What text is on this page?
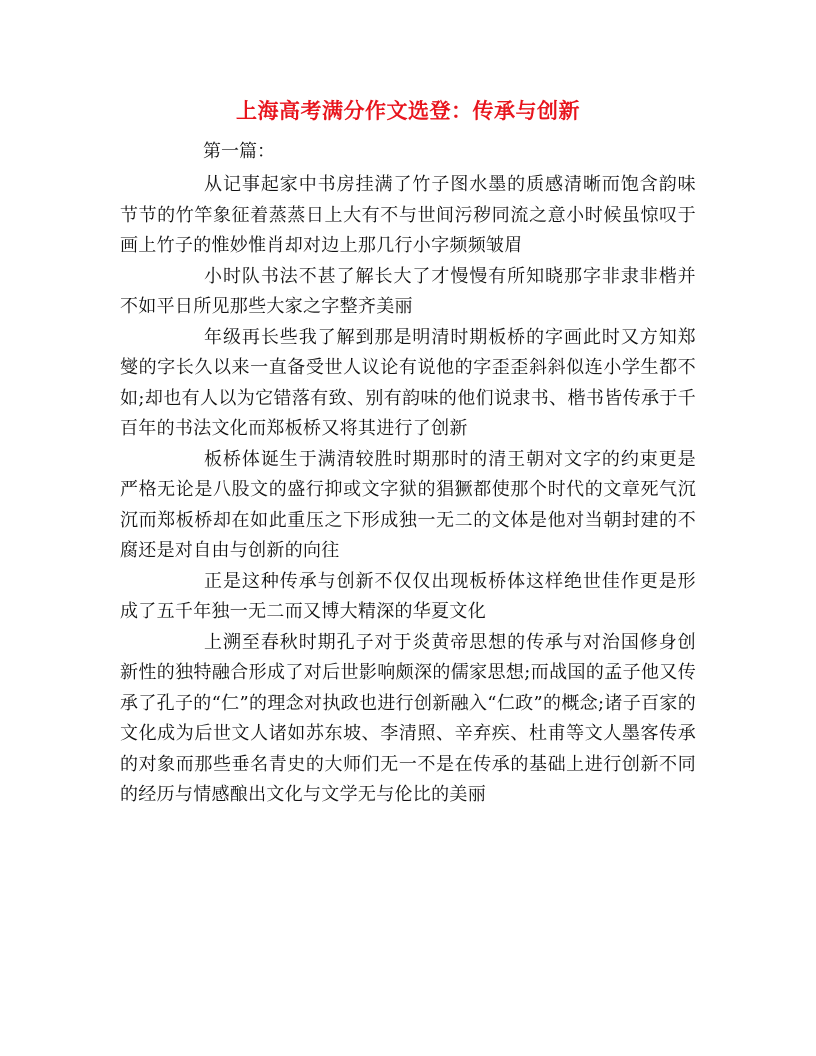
上海高考满分作文选登：传承与创新
第一篇：

从记事起家中书房挂满了竹子图水墨的质感清晰而饱含韵味节节的竹竿象征着蒸蒸日上大有不与世间污秽同流之意小时候虽惊叹于画上竹子的惟妙惟肖却对边上那几行小字频频皱眉

小时队书法不甚了解长大了才慢慢有所知晓那字非隶非楷并不如平日所见那些大家之字整齐美丽

年级再长些我了解到那是明清时期板桥的字画此时又方知郑燮的字长久以来一直备受世人议论有说他的字歪歪斜斜似连小学生都不如;却也有人以为它错落有致、别有韵味的他们说隶书、楷书皆传承于千百年的书法文化而郑板桥又将其进行了创新

板桥体诞生于满清较胜时期那时的清王朝对文字的约束更是严格无论是八股文的盛行抑或文字狱的猖獗都使那个时代的文章死气沉沉而郑板桥却在如此重压之下形成独一无二的文体是他对当朝封建的不腐还是对自由与创新的向往

正是这种传承与创新不仅仅出现板桥体这样绝世佳作更是形成了五千年独一无二而又博大精深的华夏文化

上溯至春秋时期孔子对于炎黄帝思想的传承与对治国修身创新性的独特融合形成了对后世影响颇深的儒家思想;而战国的孟子他又传承了孔子的“仁”的理念对执政也进行创新融入“仁政”的概念;诸子百家的文化成为后世文人诸如苏东坡、李清照、辛弃疾、杜甫等文人墨客传承的对象而那些垂名青史的大师们无一不是在传承的基础上进行创新不同的经历与情感酿出文化与文学无与伦比的美丽
